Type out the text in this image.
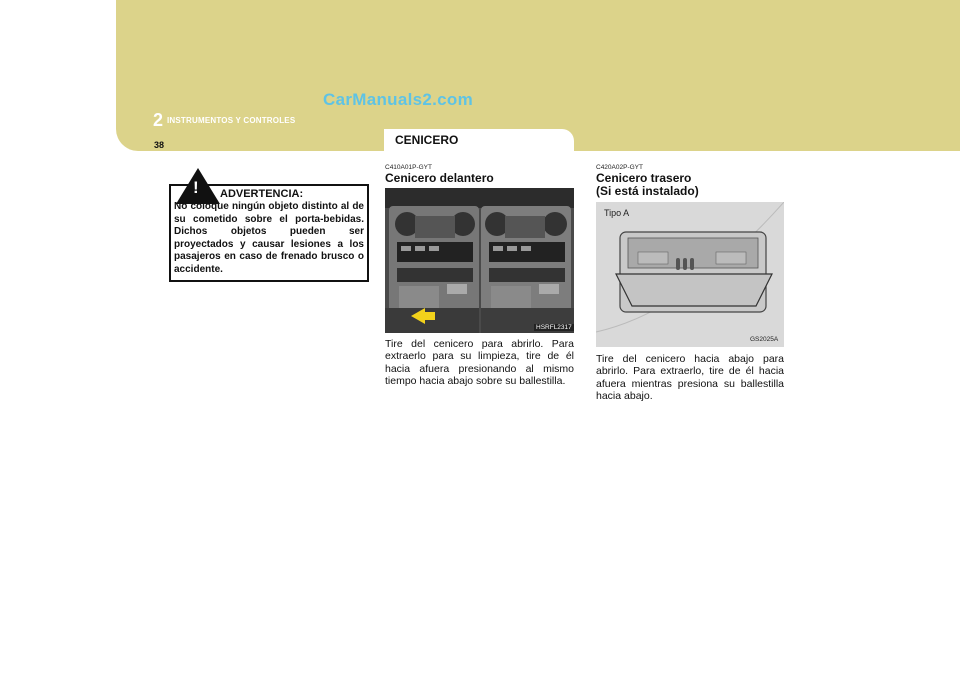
CarManuals2.com
2 INSTRUMENTOS Y CONTROLES
38	CENICERO
! ADVERTENCIA:
No coloque ningún objeto distinto al de su cometido sobre el porta-bebidas. Dichos objetos pueden ser proyectados y causar lesiones a los pasajeros en caso de frenado brusco o accidente.
C410A01P-GYT
Cenicero delantero
HSRFL2317
Tire del cenicero para abrirlo. Para extraerlo para su limpieza, tire de él hacia afuera presionando al mismo tiempo hacia abajo sobre su ballestilla.
C420A02P-GYT
Cenicero trasero
(Si está instalado)
Tipo A
GS2025A
Tire del cenicero hacia abajo para abrirlo. Para extraerlo, tire de él hacia afuera mientras presiona su ballestilla hacia abajo.
